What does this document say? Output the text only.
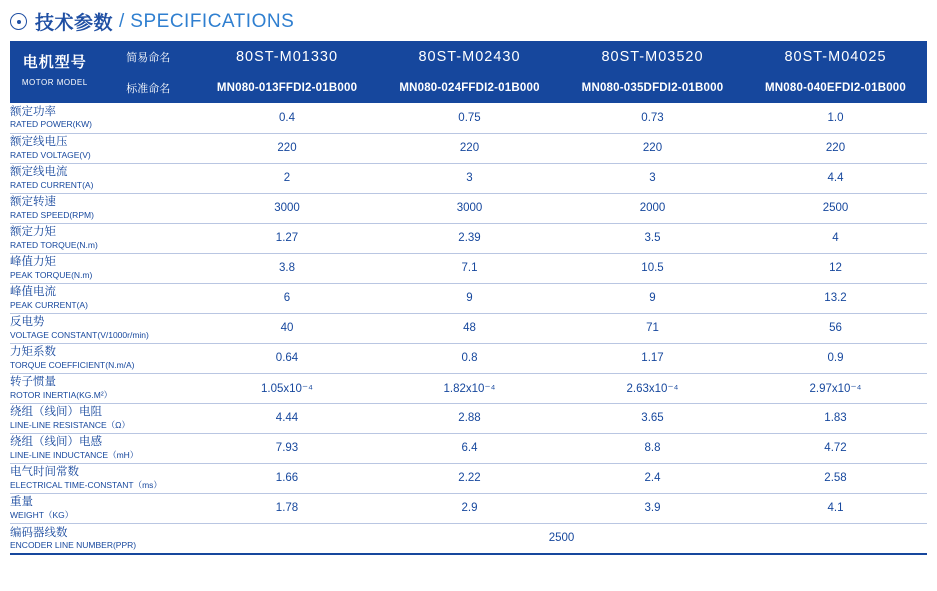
技术参数 / SPECIFICATIONS
电机型号 MOTOR MODEL	简易命名	80ST-M01330	80ST-M02430	80ST-M03520	80ST-M04025
	标准命名	MN080-013FFDI2-01B000	MN080-024FFDI2-01B000	MN080-035DFDI2-01B000	MN080-040EFDI2-01B000

额定功率
RATED POWER(KW)		0.4	0.75	0.73	1.0

额定线电压
RATED VOLTAGE(V)		220	220	220	220

额定线电流
RATED CURRENT(A)		2	3	3	4.4

额定转速
RATED SPEED(RPM)		3000	3000	2000	2500

额定力矩
RATED TORQUE(N.m)		1.27	2.39	3.5	4

峰值力矩
PEAK TORQUE(N.m)		3.8	7.1	10.5	12

峰值电流
PEAK CURRENT(A)		6	9	9	13.2

反电势
VOLTAGE CONSTANT(V/1000r/min)		40	48	71	56

力矩系数
TORQUE COEFFICIENT(N.m/A)		0.64	0.8	1.17	0.9

转子惯量
ROTOR INERTIA(KG.M²）		1.05x10⁻⁴	1.82x10⁻⁴	2.63x10⁻⁴	2.97x10⁻⁴

绕组（线间）电阻
LINE-LINE RESISTANCE（Ω）		4.44	2.88	3.65	1.83

绕组（线间）电感
LINE-LINE INDUCTANCE（mH）		7.93	6.4	8.8	4.72

电气时间常数
ELECTRICAL TIME-CONSTANT（ms）		1.66	2.22	2.4	2.58

重量
WEIGHT（KG）		1.78	2.9	3.9	4.1

编码器线数
ENCODER LINE NUMBER(PPR)		2500			
